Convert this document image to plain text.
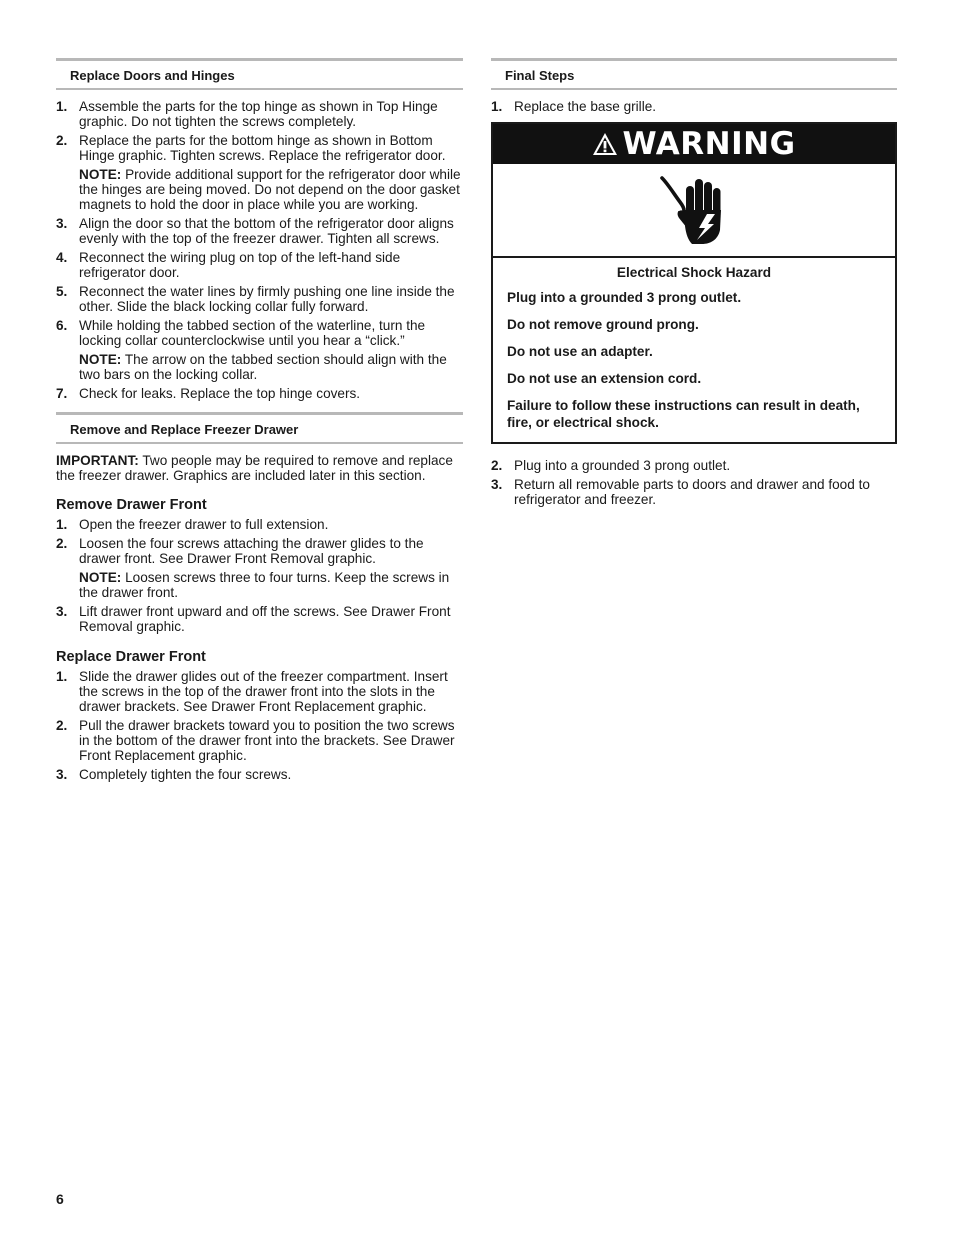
Replace Doors and Hinges
1. Assemble the parts for the top hinge as shown in Top Hinge graphic. Do not tighten the screws completely.
2. Replace the parts for the bottom hinge as shown in Bottom Hinge graphic. Tighten screws. Replace the refrigerator door.
NOTE: Provide additional support for the refrigerator door while the hinges are being moved. Do not depend on the door gasket magnets to hold the door in place while you are working.
3. Align the door so that the bottom of the refrigerator door aligns evenly with the top of the freezer drawer. Tighten all screws.
4. Reconnect the wiring plug on top of the left-hand side refrigerator door.
5. Reconnect the water lines by firmly pushing one line inside the other. Slide the black locking collar fully forward.
6. While holding the tabbed section of the waterline, turn the locking collar counterclockwise until you hear a “click.”
NOTE: The arrow on the tabbed section should align with the two bars on the locking collar.
7. Check for leaks. Replace the top hinge covers.
Remove and Replace Freezer Drawer

IMPORTANT: Two people may be required to remove and replace the freezer drawer. Graphics are included later in this section.

Remove Drawer Front
1. Open the freezer drawer to full extension.
2. Loosen the four screws attaching the drawer glides to the drawer front. See Drawer Front Removal graphic.
NOTE: Loosen screws three to four turns. Keep the screws in the drawer front.
3. Lift drawer front upward and off the screws. See Drawer Front Removal graphic.
Replace Drawer Front
1. Slide the drawer glides out of the freezer compartment. Insert the screws in the top of the drawer front into the slots in the drawer brackets. See Drawer Front Replacement graphic.
2. Pull the drawer brackets toward you to position the two screws in the bottom of the drawer front into the brackets. See Drawer Front Replacement graphic.
3. Completely tighten the four screws.
Final Steps
1. Replace the base grille.
WARNING
Electrical Shock Hazard

Plug into a grounded 3 prong outlet.

Do not remove ground prong.

Do not use an adapter.

Do not use an extension cord.

Failure to follow these instructions can result in death, fire, or electrical shock.

2. Plug into a grounded 3 prong outlet.
3. Return all removable parts to doors and drawer and food to refrigerator and freezer.
6
